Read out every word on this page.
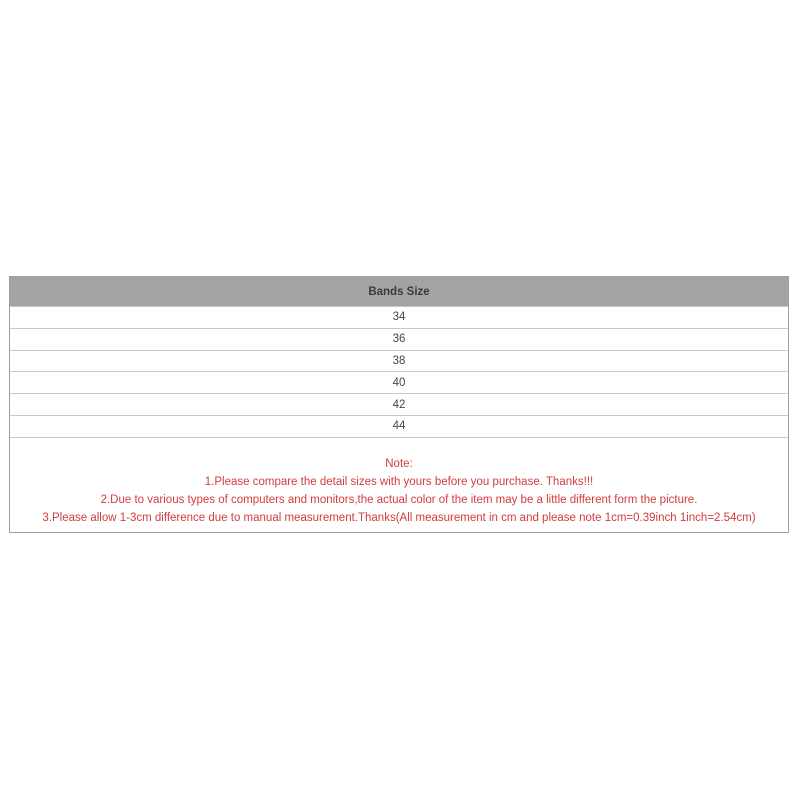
Bands Size
34
36
38
40
42
44
Note:
1.Please compare the detail sizes with yours before you purchase. Thanks!!!
2.Due to various types of computers and monitors,the actual color of the item may be a little different form the picture.
3.Please allow 1-3cm difference due to manual measurement.Thanks(All measurement in cm and please note 1cm=0.39inch 1inch=2.54cm)
